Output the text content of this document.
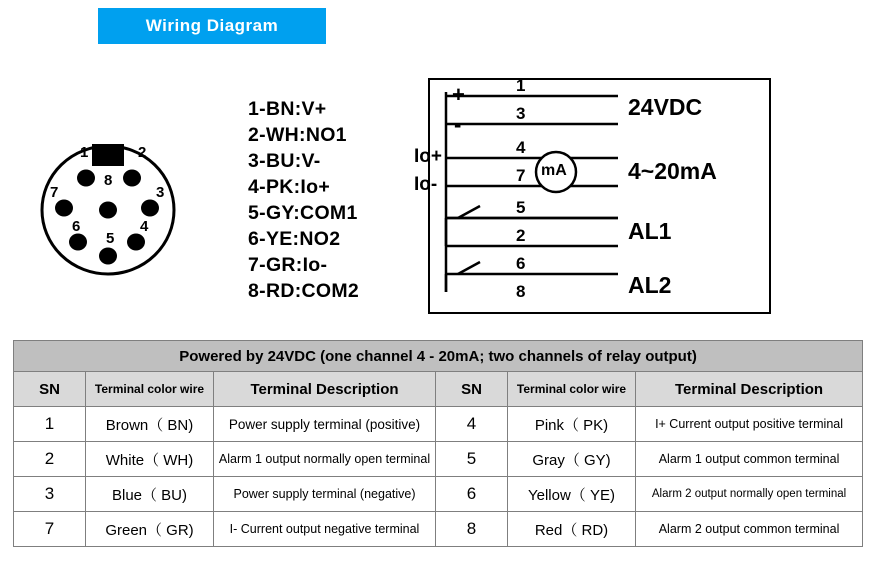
Wiring Diagram
1	2
3
4
5
6
7
8
1-BN:V+
2-WH:NO1
3-BU:V-
4-PK:Io+
5-GY:COM1
6-YE:NO2
7-GR:Io-
8-RD:COM2
+
-
Io+
Io-
1
3
4
7
5
2
6
8
mA
24VDC
4~20mA
AL1
AL2
Powered by 24VDC (one channel 4 - 20mA; two channels of relay output)					
SN	Terminal color wire	Terminal Description	SN	Terminal color wire	Terminal Description
1	Brown（ BN)	Power supply terminal (positive)	4	Pink（ PK)	I+ Current output positive terminal
2	White（ WH)	Alarm 1 output normally open terminal	5	Gray（ GY)	Alarm 1 output common terminal
3	Blue（ BU)	Power supply terminal (negative)	6	Yellow（ YE)	Alarm 2 output normally open terminal
7	Green（ GR)	I- Current output negative terminal	8	Red（ RD)	Alarm 2 output common terminal
